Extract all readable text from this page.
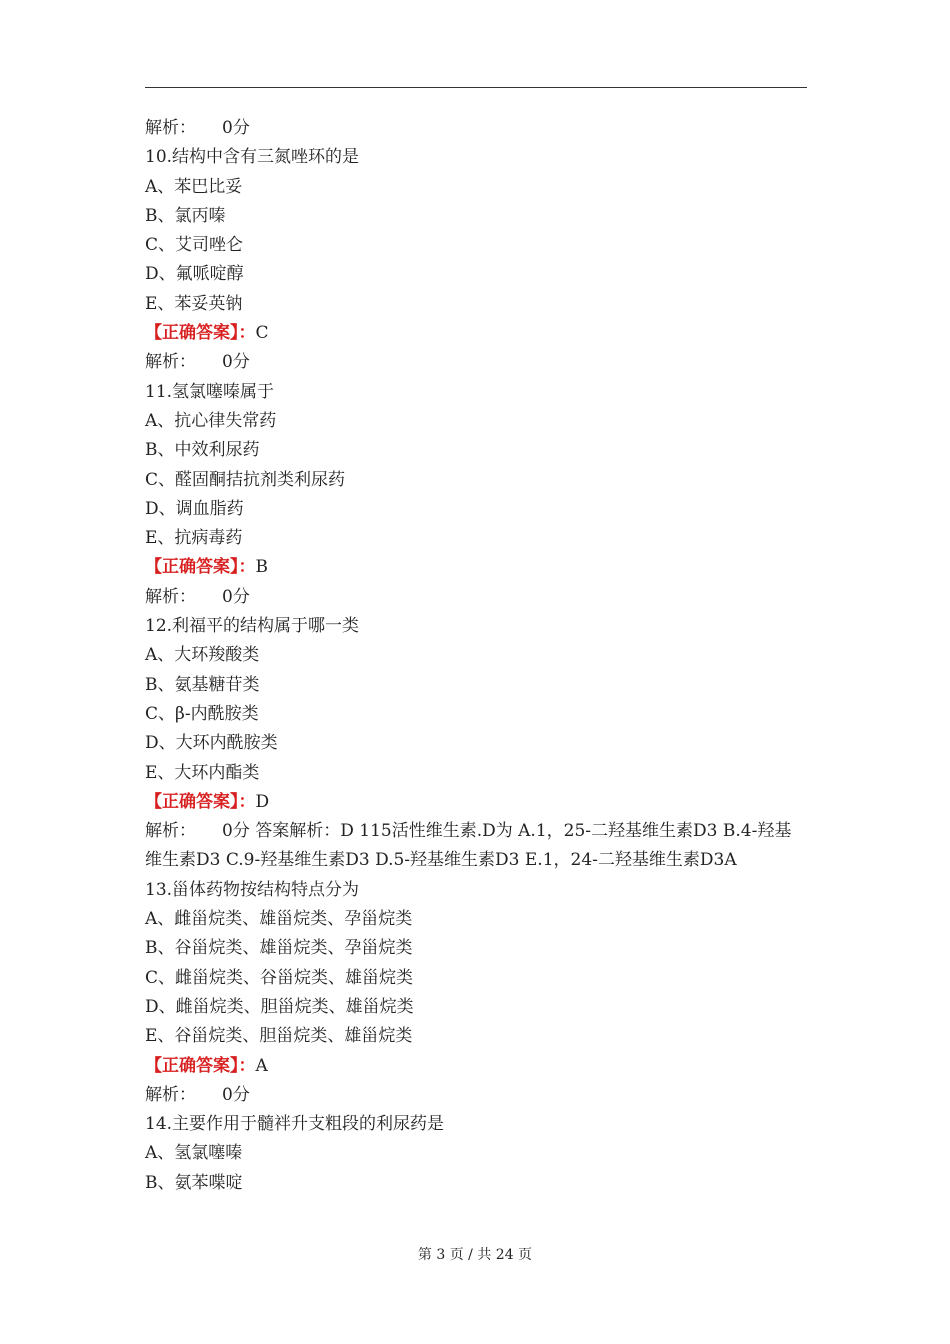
解析： 0分
10.结构中含有三氮唑环的是
A、苯巴比妥
B、氯丙嗪
C、艾司唑仑
D、氟哌啶醇
E、苯妥英钠
【正确答案】：C
解析： 0分
11.氢氯噻嗪属于
A、抗心律失常药
B、中效利尿药
C、醛固酮拮抗剂类利尿药
D、调血脂药
E、抗病毒药
【正确答案】：B
解析： 0分
12.利福平的结构属于哪一类
A、大环羧酸类
B、氨基糖苷类
C、β-内酰胺类
D、大环内酰胺类
E、大环内酯类
【正确答案】：D
解析： 0分 答案解析：D 115活性维生素.D为 A.1，25-二羟基维生素D3 B.4-羟基维生素D3 C.9-羟基维生素D3 D.5-羟基维生素D3 E.1，24-二羟基维生素D3A
13.甾体药物按结构特点分为
A、雌甾烷类、雄甾烷类、孕甾烷类
B、谷甾烷类、雄甾烷类、孕甾烷类
C、雌甾烷类、谷甾烷类、雄甾烷类
D、雌甾烷类、胆甾烷类、雄甾烷类
E、谷甾烷类、胆甾烷类、雄甾烷类
【正确答案】：A
解析： 0分
14.主要作用于髓袢升支粗段的利尿药是
A、氢氯噻嗪
B、氨苯喋啶
第 3 页 / 共 24 页
